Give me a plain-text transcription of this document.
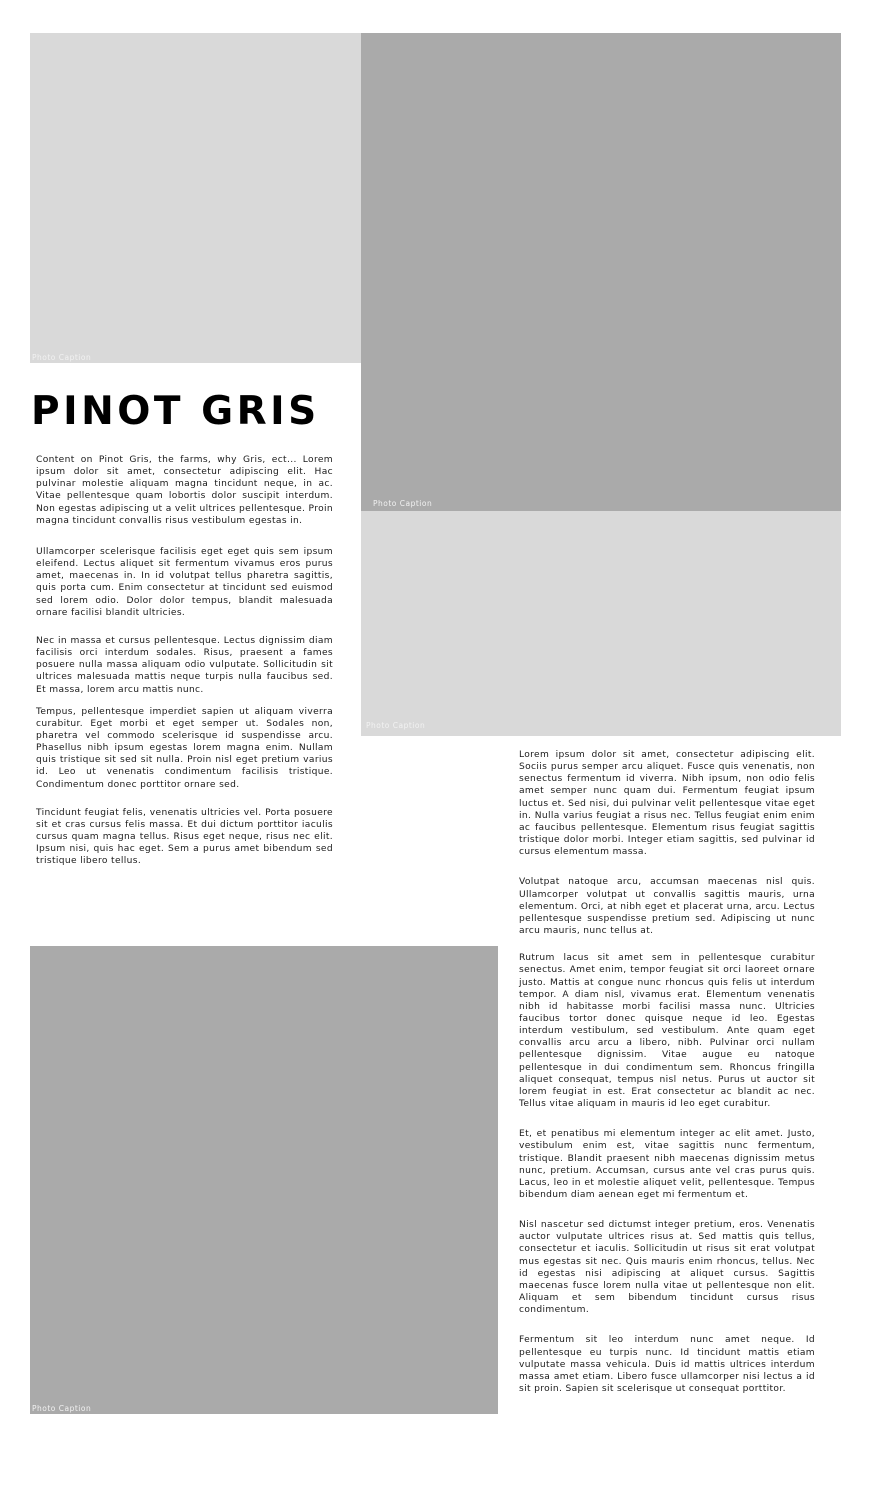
Photo Caption
Photo Caption
Photo Caption
Photo Caption
PINOT GRIS

Content on Pinot Gris, the farms, why Gris, ect... Lorem ipsum dolor sit amet, consectetur adipiscing elit. Hac pulvinar molestie aliquam magna tincidunt neque, in ac. Vitae pellentesque quam lobortis dolor suscipit interdum. Non egestas adipiscing ut a velit ultrices pellentesque. Proin magna tincidunt convallis risus vestibulum egestas in.

Ullamcorper scelerisque facilisis eget eget quis sem ipsum eleifend. Lectus aliquet sit fermentum vivamus eros purus amet, maecenas in. In id volutpat tellus pharetra sagittis, quis porta cum. Enim consectetur at tincidunt sed euismod sed lorem odio. Dolor dolor tempus, blandit malesuada ornare facilisi blandit ultricies.

Nec in massa et cursus pellentesque. Lectus dignissim diam facilisis orci interdum sodales. Risus, praesent a fames posuere nulla massa aliquam odio vulputate. Sollicitudin sit ultrices malesuada mattis neque turpis nulla faucibus sed. Et massa, lorem arcu mattis nunc.

Tempus, pellentesque imperdiet sapien ut aliquam viverra curabitur. Eget morbi et eget semper ut. Sodales non, pharetra vel commodo scelerisque id suspendisse arcu. Phasellus nibh ipsum egestas lorem magna enim. Nullam quis tristique sit sed sit nulla. Proin nisl eget pretium varius id. Leo ut venenatis condimentum facilisis tristique. Condimentum donec porttitor ornare sed.

Tincidunt feugiat felis, venenatis ultricies vel. Porta posuere sit et cras cursus felis massa. Et dui dictum porttitor iaculis cursus quam magna tellus. Risus eget neque, risus nec elit. Ipsum nisi, quis hac eget. Sem a purus amet bibendum sed tristique libero tellus.

Lorem ipsum dolor sit amet, consectetur adipiscing elit. Sociis purus semper arcu aliquet. Fusce quis venenatis, non senectus fermentum id viverra. Nibh ipsum, non odio felis amet semper nunc quam dui. Fermentum feugiat ipsum luctus et. Sed nisi, dui pulvinar velit pellentesque vitae eget in. Nulla varius feugiat a risus nec. Tellus feugiat enim enim ac faucibus pellentesque. Elementum risus feugiat sagittis tristique dolor morbi. Integer etiam sagittis, sed pulvinar id cursus elementum massa.

Volutpat natoque arcu, accumsan maecenas nisl quis. Ullamcorper volutpat ut convallis sagittis mauris, urna elementum. Orci, at nibh eget et placerat urna, arcu. Lectus pellentesque suspendisse pretium sed. Adipiscing ut nunc arcu mauris, nunc tellus at.

Rutrum lacus sit amet sem in pellentesque curabitur senectus. Amet enim, tempor feugiat sit orci laoreet ornare justo. Mattis at congue nunc rhoncus quis felis ut interdum tempor. A diam nisl, vivamus erat. Elementum venenatis nibh id habitasse morbi facilisi massa nunc. Ultricies faucibus tortor donec quisque neque id leo. Egestas interdum vestibulum, sed vestibulum. Ante quam eget convallis arcu arcu a libero, nibh. Pulvinar orci nullam pellentesque dignissim. Vitae augue eu natoque pellentesque in dui condimentum sem. Rhoncus fringilla aliquet consequat, tempus nisl netus. Purus ut auctor sit lorem feugiat in est. Erat consectetur ac blandit ac nec. Tellus vitae aliquam in mauris id leo eget curabitur.

Et, et penatibus mi elementum integer ac elit amet. Justo, vestibulum enim est, vitae sagittis nunc fermentum, tristique. Blandit praesent nibh maecenas dignissim metus nunc, pretium. Accumsan, cursus ante vel cras purus quis. Lacus, leo in et molestie aliquet velit, pellentesque. Tempus bibendum diam aenean eget mi fermentum et.

Nisl nascetur sed dictumst integer pretium, eros. Venenatis auctor vulputate ultrices risus at. Sed mattis quis tellus, consectetur et iaculis. Sollicitudin ut risus sit erat volutpat mus egestas sit nec. Quis mauris enim rhoncus, tellus. Nec id egestas nisi adipiscing at aliquet cursus. Sagittis maecenas fusce lorem nulla vitae ut pellentesque non elit. Aliquam et sem bibendum tincidunt cursus risus condimentum.

Fermentum sit leo interdum nunc amet neque. Id pellentesque eu turpis nunc. Id tincidunt mattis etiam vulputate massa vehicula. Duis id mattis ultrices interdum massa amet etiam. Libero fusce ullamcorper nisi lectus a id sit proin. Sapien sit scelerisque ut consequat porttitor.
